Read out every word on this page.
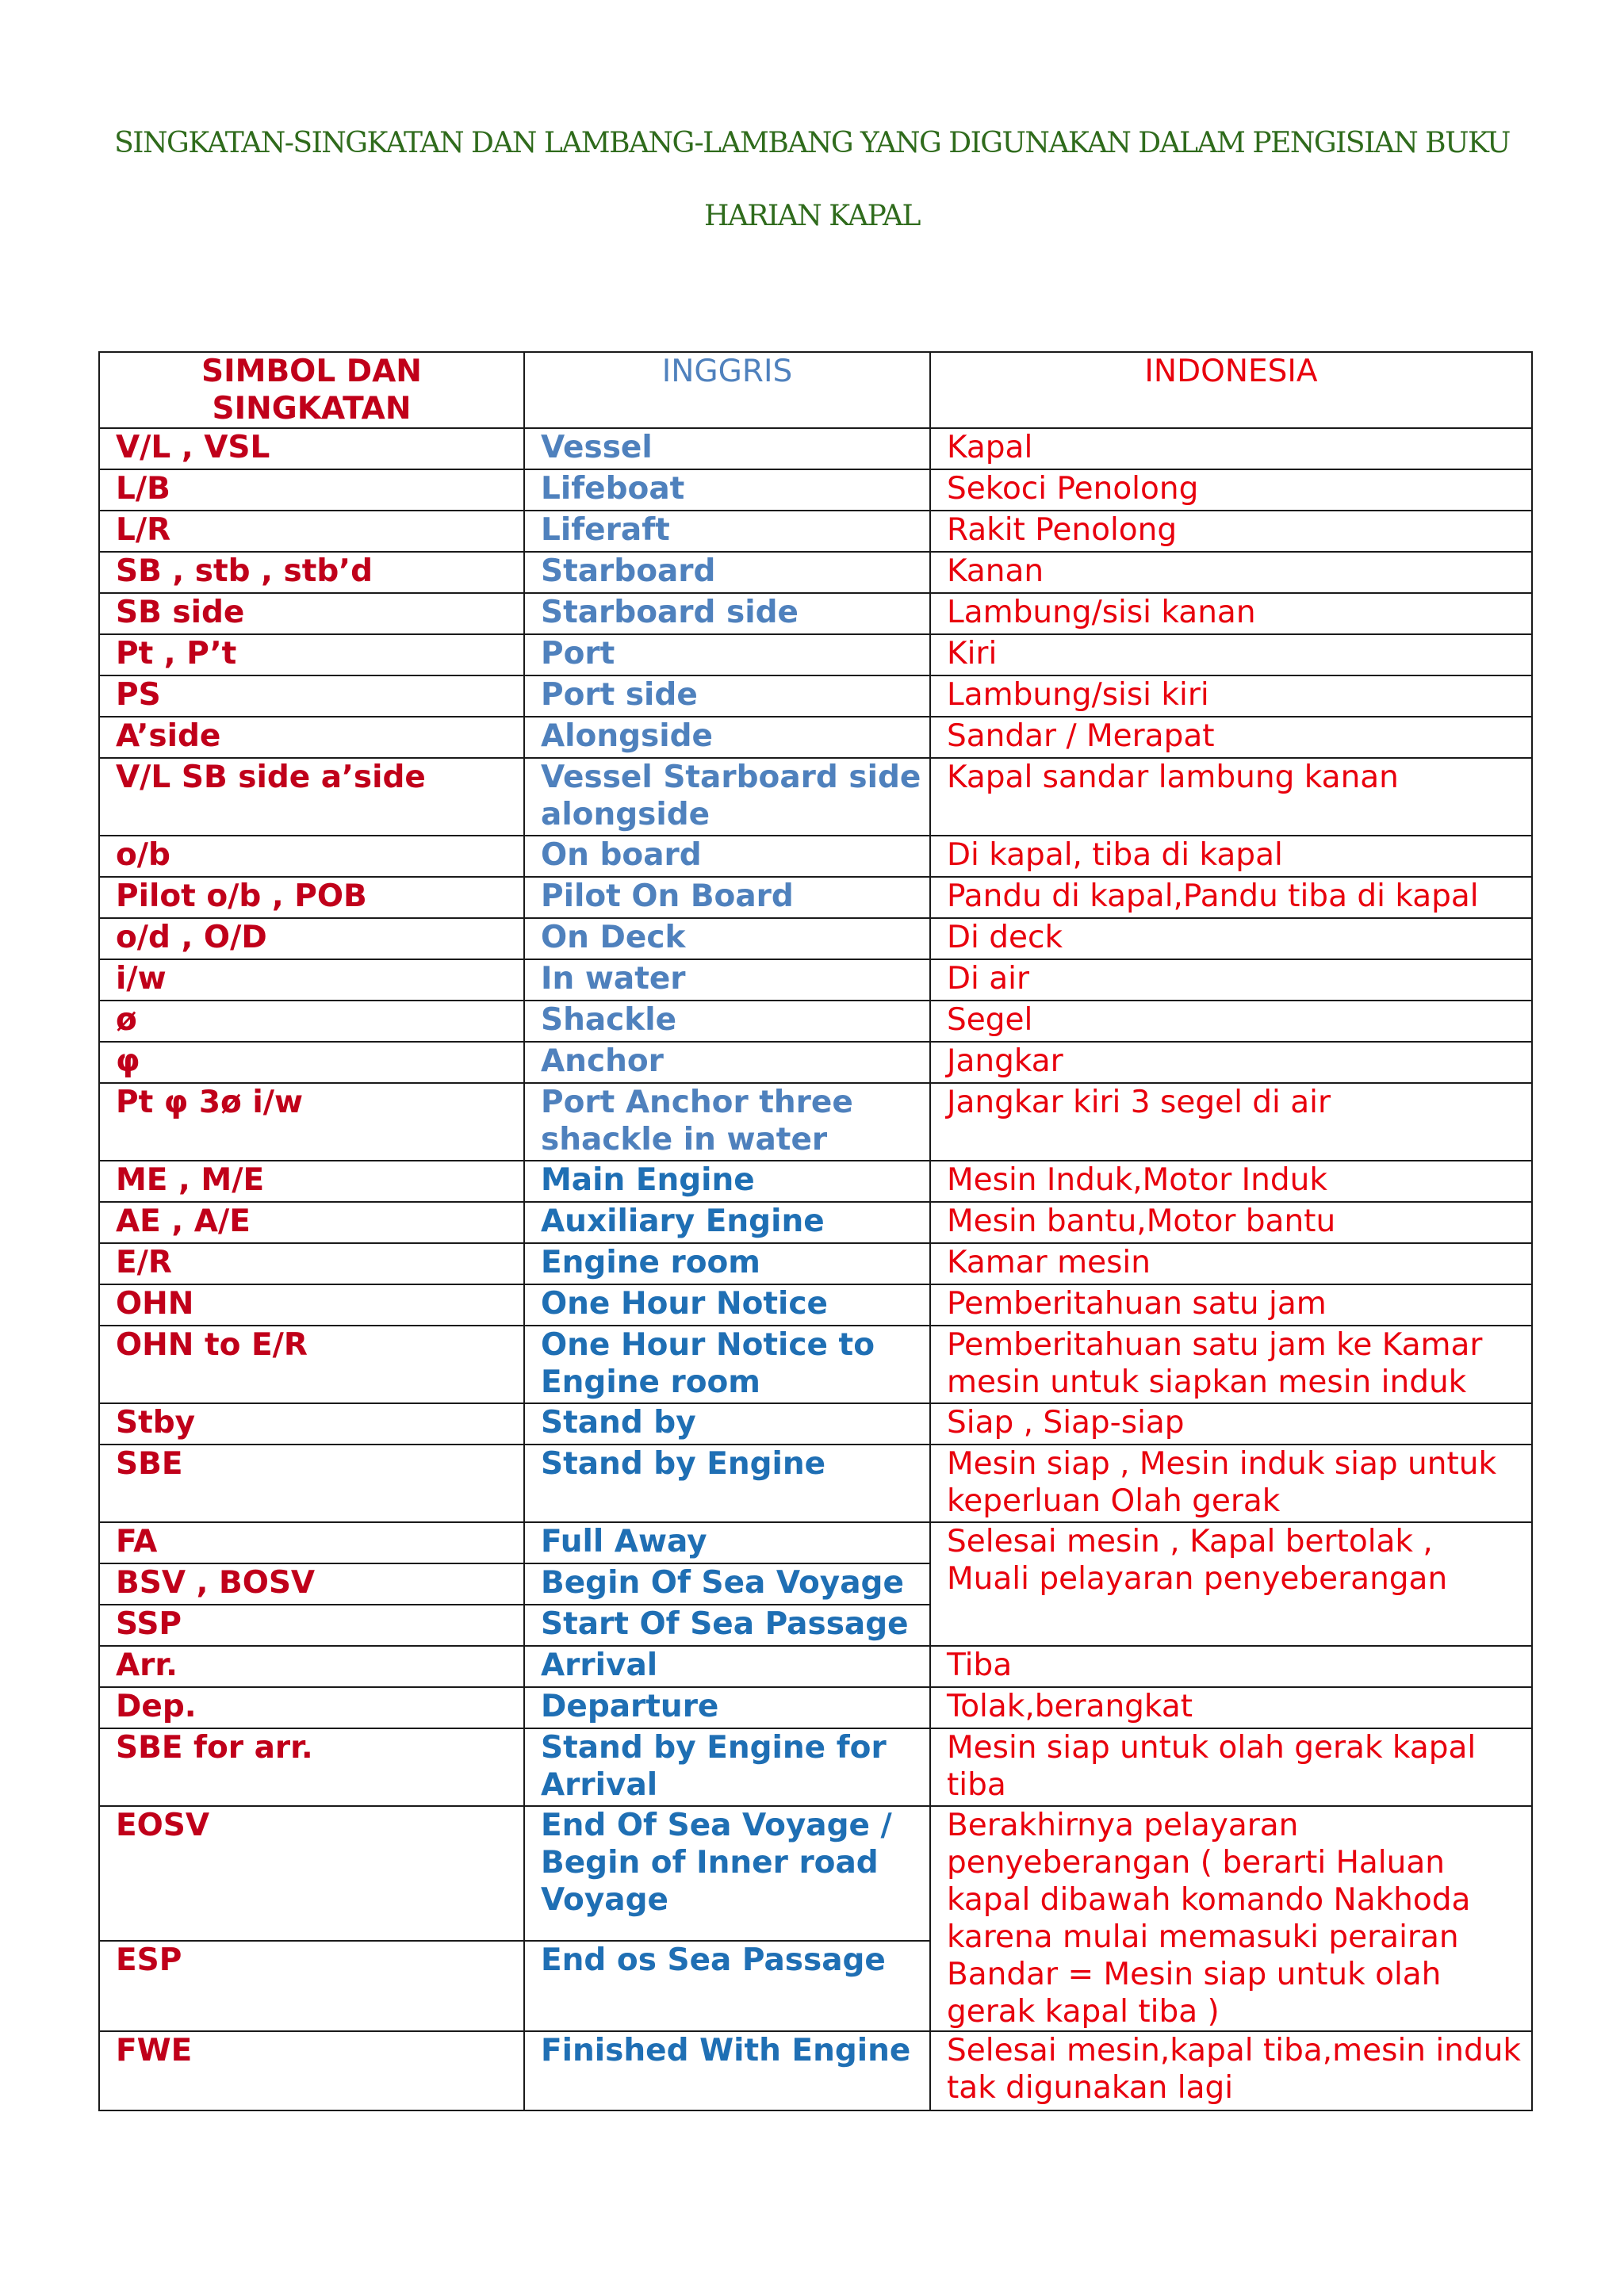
SINGKATAN-SINGKATAN DAN LAMBANG-LAMBANG YANG DIGUNAKAN DALAM PENGISIAN BUKU
HARIAN KAPAL
SIMBOL DAN SINGKATAN	INGGRIS	INDONESIA
V/L , VSL	Vessel	Kapal
L/B	Lifeboat	Sekoci Penolong
L/R	Liferaft	Rakit Penolong
SB , stb , stb’d	Starboard	Kanan
SB side	Starboard side	Lambung/sisi kanan
Pt , P’t	Port	Kiri
PS	Port side	Lambung/sisi kiri
A’side	Alongside	Sandar / Merapat
V/L SB side a’side	Vessel Starboard side alongside	Kapal sandar lambung kanan
o/b	On board	Di kapal, tiba di kapal
Pilot o/b , POB	Pilot On Board	Pandu di kapal,Pandu tiba di kapal
o/d , O/D	On Deck	Di deck
i/w	In water	Di air
ø	Shackle	Segel
φ	Anchor	Jangkar
Pt φ 3ø i/w	Port Anchor three shackle in water	Jangkar kiri 3 segel di air
ME , M/E	Main Engine	Mesin Induk,Motor Induk
AE , A/E	Auxiliary Engine	Mesin bantu,Motor bantu
E/R	Engine room	Kamar mesin
OHN	One Hour Notice	Pemberitahuan satu jam
OHN to E/R	One Hour Notice to Engine room	Pemberitahuan satu jam ke Kamar mesin untuk siapkan mesin induk
Stby	Stand by	Siap , Siap-siap
SBE	Stand by Engine	Mesin siap , Mesin induk siap untuk keperluan Olah gerak
FA	Full Away	Selesai mesin , Kapal bertolak , Muali pelayaran penyeberangan
BSV , BOSV	Begin Of Sea Voyage	
SSP	Start Of Sea Passage	
Arr.	Arrival	Tiba
Dep.	Departure	Tolak,berangkat
SBE for arr.	Stand by Engine for Arrival	Mesin siap untuk olah gerak kapal tiba
EOSV	End Of Sea Voyage / Begin of Inner road Voyage	Berakhirnya pelayaran penyeberangan ( berarti Haluan kapal dibawah komando Nakhoda karena mulai memasuki perairan Bandar = Mesin siap untuk olah gerak kapal tiba )
ESP	End os Sea Passage	
FWE	Finished With Engine	Selesai mesin,kapal tiba,mesin induk tak digunakan lagi
